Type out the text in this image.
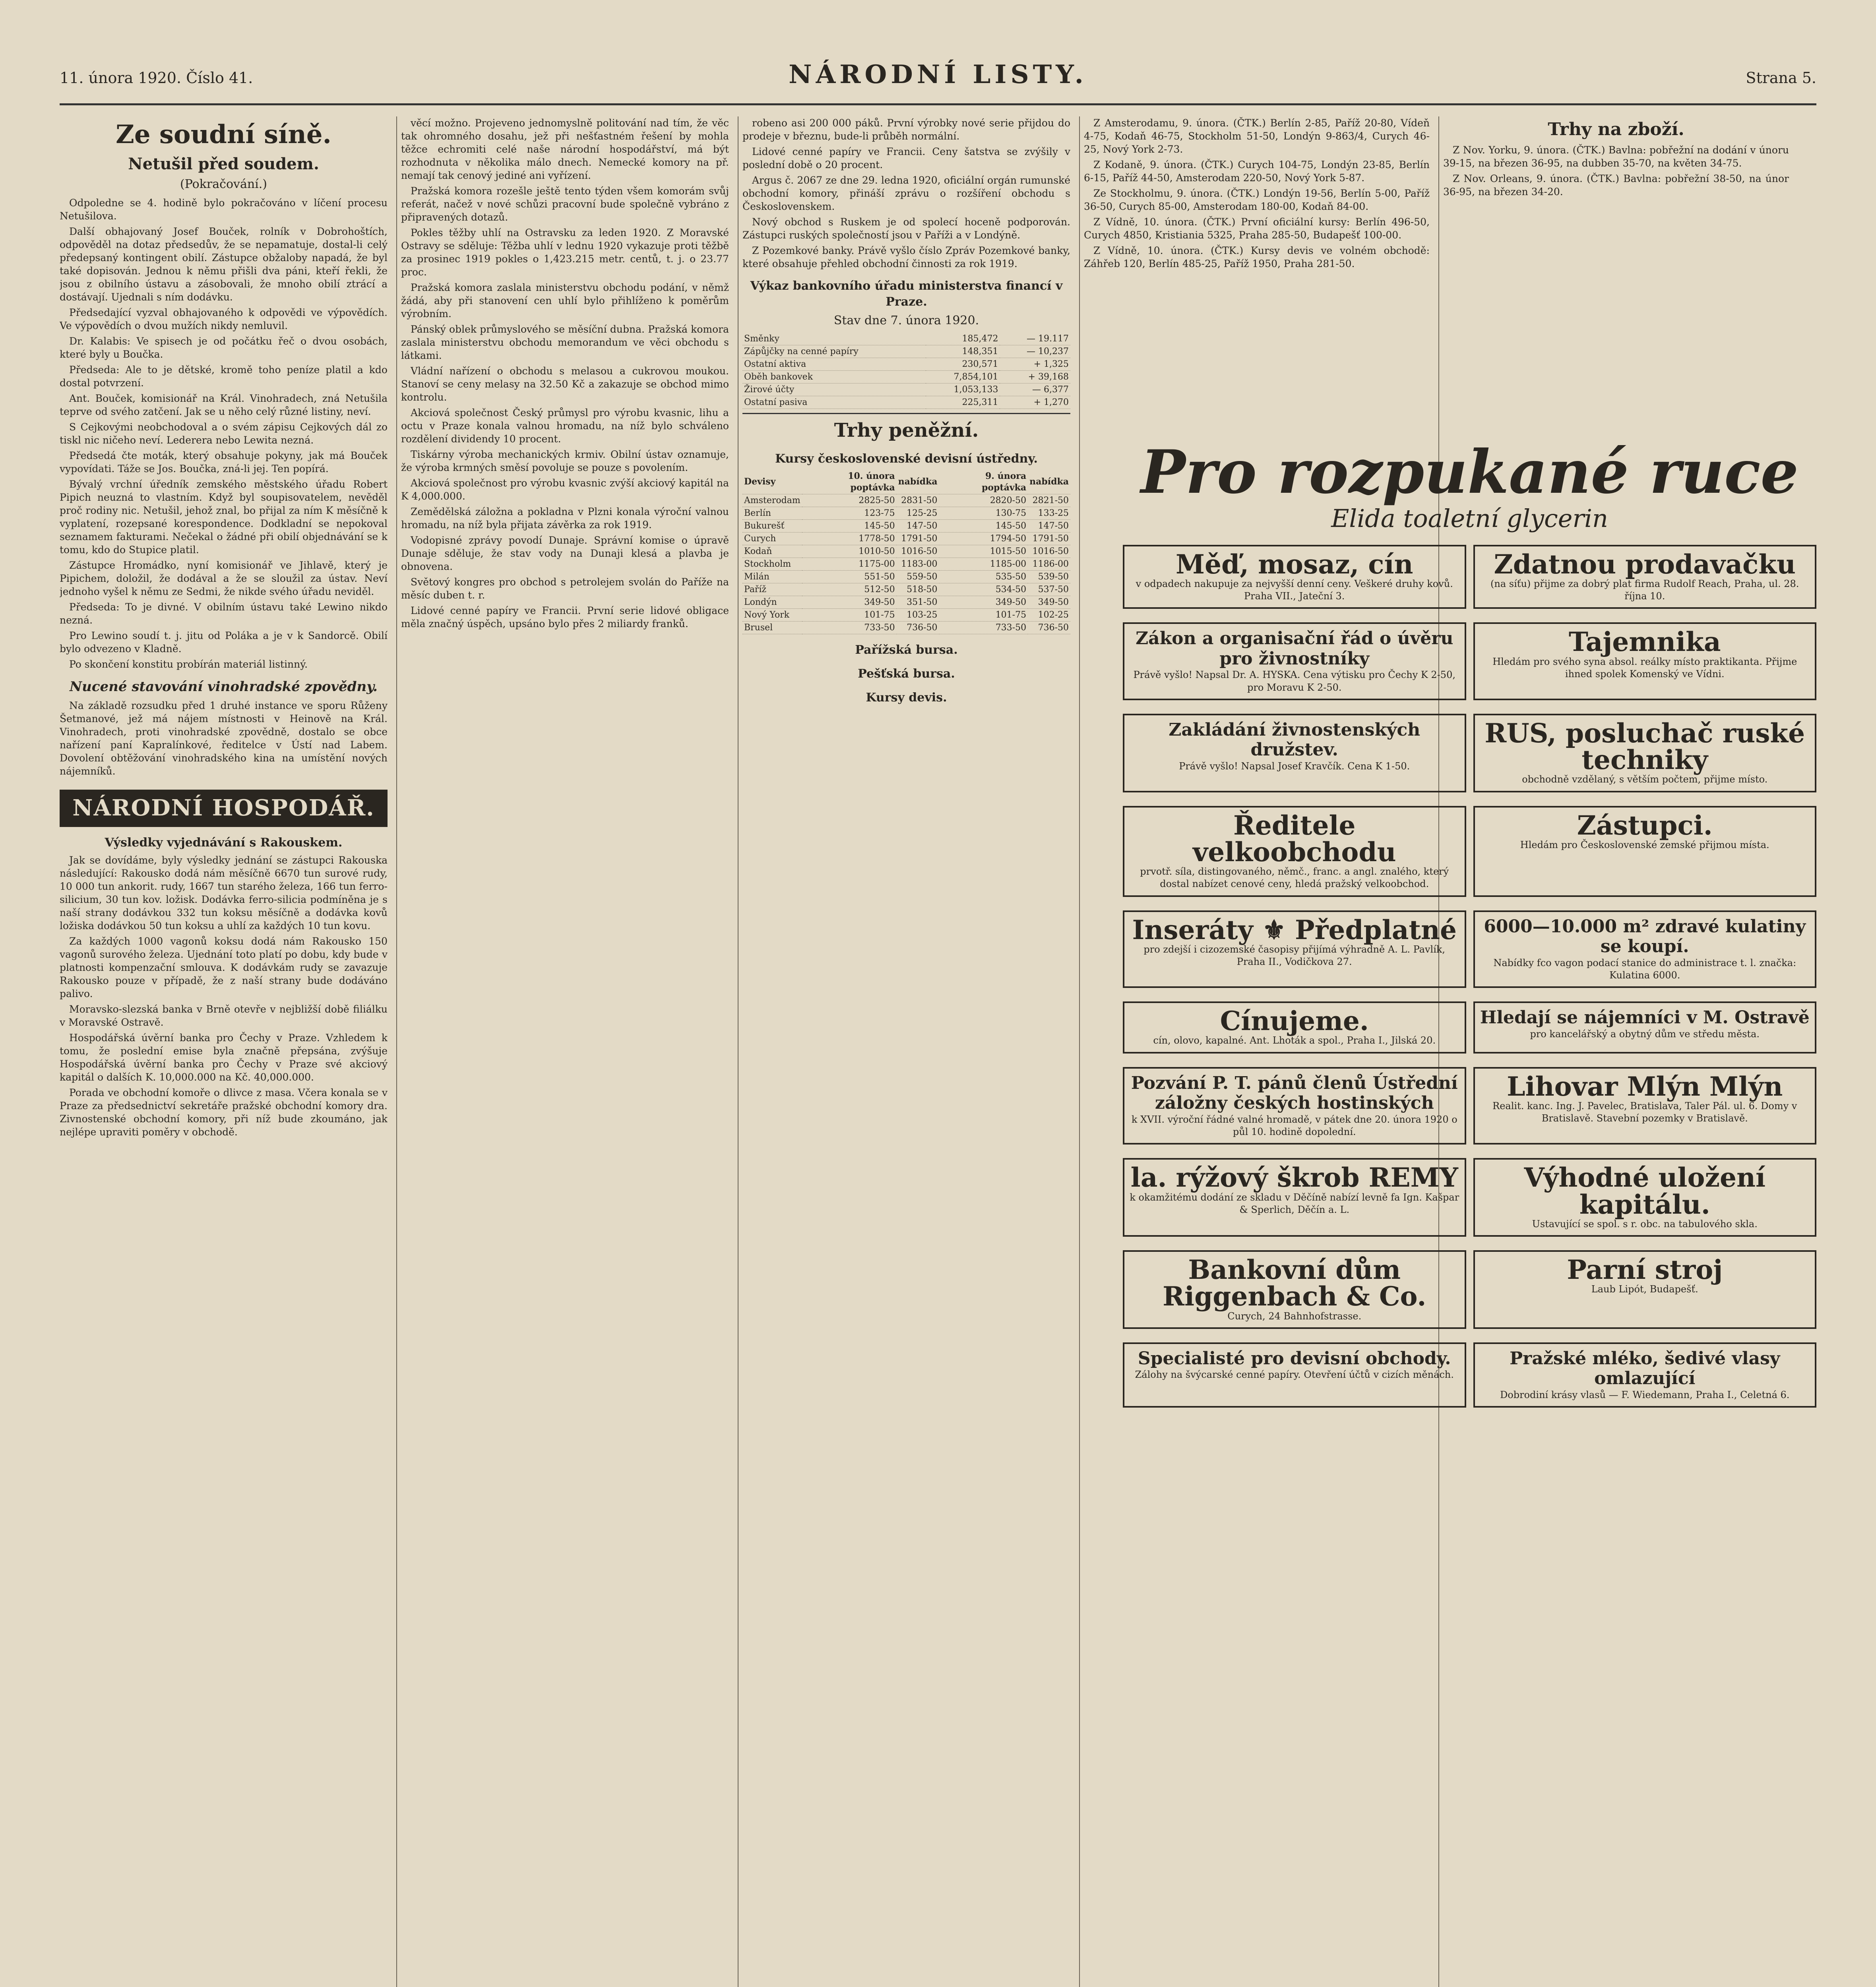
11. února 1920. Číslo 41.	NÁRODNÍ LISTY.	Strana 5.
Ze soudní síně.
Netušil před soudem.
(Pokračování.)

Odpoledne se 4. hodině bylo pokračováno v líčení procesu Netušilova.

Další obhajovaný Josef Bouček, rolník v Dobrohoštích, odpověděl na dotaz předsedův, že se nepamatuje, dostal-li celý předepsaný kontingent obilí. Zástupce obžaloby napadá, že byl také dopisován. Jednou k němu přišli dva páni, kteří řekli, že jsou z obilního ústavu a zásobovali, že mnoho obilí ztrácí a dostávají. Ujednali s ním dodávku.

Předsedající vyzval obhajovaného k odpovědi ve výpovědích. Ve výpovědích o dvou mužích nikdy nemluvil.

Dr. Kalabis: Ve spisech je od počátku řeč o dvou osobách, které byly u Boučka.

Předseda: Ale to je dětské, kromě toho peníze platil a kdo dostal potvrzení.

Ant. Bouček, komisionář na Král. Vinohradech, zná Netušila teprve od svého zatčení. Jak se u něho celý různé listiny, neví.

S Cejkovými neobchodoval a o svém zápisu Cejkových dál zo tiskl nic ničeho neví. Lederera nebo Lewita nezná.

Předsedá čte moták, který obsahuje pokyny, jak má Bouček vypovídati. Táže se Jos. Boučka, zná-li jej. Ten popírá.

Bývalý vrchní úředník zemského městského úřadu Robert Pipich neuzná to vlastním. Když byl soupisovatelem, nevěděl proč rodiny nic. Netušil, jehož znal, bo přijal za ním K měsíčně k vyplatení, rozepsané korespondence. Dodkladní se nepokoval seznamem fakturami. Nečekal o žádné při obilí objednávání se k tomu, kdo do Stupice platil.

Zástupce Hromádko, nyní komisionář ve Jihlavě, který je Pipichem, doložil, že dodával a že se sloužil za ústav. Neví jednoho vyšel k němu ze Sedmi, že nikde svého úřadu neviděl.

Předseda: To je divné. V obilním ústavu také Lewino nikdo nezná.

Pro Lewino soudí t. j. jitu od Poláka a je v k Sandorcě. Obilí bylo odvezeno v Kladně.

Po skončení konstitu probírán materiál listinný.

Nucené stavování vinohradské zpovědny.

Na základě rozsudku před 1 druhé instance ve sporu Růženy Šetmanové, jež má nájem místnosti v Heinově na Král. Vinohradech, proti vinohradské zpovědně, dostalo se obce nařízení paní Kapralínkové, ředitelce v Ústí nad Labem. Dovolení obtěžování vinohradského kina na umístění nových nájemníků.

NÁRODNÍ HOSPODÁŘ.
Výsledky vyjednávání s Rakouskem.

Jak se dovídáme, byly výsledky jednání se zástupci Rakouska následující: Rakousko dodá nám měsíčně 6670 tun surové rudy, 10 000 tun ankorit. rudy, 1667 tun starého železa, 166 tun ferro-silicium, 30 tun kov. ložisk. Dodávka ferro-silicia podmíněna je s naší strany dodávkou 332 tun koksu měsíčně a dodávka kovů ložiska dodávkou 50 tun koksu a uhlí za každých 10 tun kovu.

Za každých 1000 vagonů koksu dodá nám Rakousko 150 vagonů surového železa. Ujednání toto platí po dobu, kdy bude v platnosti kompenzační smlouva. K dodávkám rudy se zavazuje Rakousko pouze v případě, že z naší strany bude dodáváno palivo.

Moravsko-slezská banka v Brně otevře v nejbližší době filiálku v Moravské Ostravě.

Hospodářská úvěrní banka pro Čechy v Praze. Vzhledem k tomu, že poslední emise byla značně přepsána, zvýšuje Hospodářská úvěrní banka pro Čechy v Praze své akciový kapitál o dalších K. 10,000.000 na Kč. 40,000.000.

Porada ve obchodní komoře o dlivce z masa. Včera konala se v Praze za předsednictví sekretáře pražské obchodní komory dra. Zivnostenské obchodní komory, při níž bude zkoumáno, jak nejlépe upraviti poměry v obchodě.

věcí možno. Projeveno jednomyslně politování nad tím, že věc tak ohromného dosahu, jež při nešťastném řešení by mohla těžce echromiti celé naše národní hospodářství, má být rozhodnuta v několika málo dnech. Nemecké komory na př. nemají tak cenový jediné ani vyřízení.

Pražská komora rozešle ještě tento týden všem komorám svůj referát, načež v nové schůzi pracovní bude společně vybráno z připravených dotazů.

Pokles těžby uhlí na Ostravsku za leden 1920. Z Moravské Ostravy se sděluje: Těžba uhlí v lednu 1920 vykazuje proti těžbě za prosinec 1919 pokles o 1,423.215 metr. centů, t. j. o 23.77 proc.

Pražská komora zaslala ministerstvu obchodu podání, v němž žádá, aby při stanovení cen uhlí bylo přihlíženo k poměrům výrobním.

Pánský oblek průmyslového se měsíční dubna. Pražská komora zaslala ministerstvu obchodu memorandum ve věci obchodu s látkami.

Vládní nařízení o obchodu s melasou a cukrovou moukou. Stanoví se ceny melasy na 32.50 Kč a zakazuje se obchod mimo kontrolu.

Akciová společnost Český průmysl pro výrobu kvasnic, lihu a octu v Praze konala valnou hromadu, na níž bylo schváleno rozdělení dividendy 10 procent.

Tiskárny výroba mechanických krmiv. Obilní ústav oznamuje, že výroba krmných směsí povoluje se pouze s povolením.

Akciová společnost pro výrobu kvasnic zvýší akciový kapitál na K 4,000.000.

Zemědělská záložna a pokladna v Plzni konala výroční valnou hromadu, na níž byla přijata závěrka za rok 1919.

Vodopisné zprávy povodí Dunaje. Správní komise o úpravě Dunaje sděluje, že stav vody na Dunaji klesá a plavba je obnovena.

Světový kongres pro obchod s petrolejem svolán do Paříže na měsíc duben t. r.

Lidové cenné papíry ve Francii. První serie lidové obligace měla značný úspěch, upsáno bylo přes 2 miliardy franků.

robeno asi 200 000 páků. První výrobky nové serie přijdou do prodeje v březnu, bude-li průběh normální.

Lidové cenné papíry ve Francii. Ceny šatstva se zvýšily v poslední době o 20 procent.

Argus č. 2067 ze dne 29. ledna 1920, oficiální orgán rumunské obchodní komory, přináší zprávu o rozšíření obchodu s Československem.

Nový obchod s Ruskem je od spolecí hoceně podporován. Zástupci ruských společností jsou v Paříži a v Londýně.

Z Pozemkové banky. Právě vyšlo číslo Zpráv Pozemkové banky, které obsahuje přehled obchodní činnosti za rok 1919.

Výkaz bankovního úřadu ministerstva financí v Praze.
Stav dne 7. února 1920.
Směnky	185,472	— 19.117
Zápůjčky na cenné papíry	148,351	— 10,237
Ostatní aktiva	230,571	+ 1,325
Oběh bankovek	7,854,101	+ 39,168
Žirové účty	1,053,133	— 6,377
Ostatní pasiva	225,311	+ 1,270
Trhy peněžní.
Kursy československé devisní ústředny.
Devisy	10. února poptávka	nabídka	9. února poptávka	nabídka
Amsterodam	2825-50	2831-50	2820-50	2821-50
Berlín	123-75	125-25	130-75	133-25
Bukurešť	145-50	147-50	145-50	147-50
Curych	1778-50	1791-50	1794-50	1791-50
Kodaň	1010-50	1016-50	1015-50	1016-50
Stockholm	1175-00	1183-00	1185-00	1186-00
Milán	551-50	559-50	535-50	539-50
Paříž	512-50	518-50	534-50	537-50
Londýn	349-50	351-50	349-50	349-50
Nový York	101-75	103-25	101-75	102-25
Brusel	733-50	736-50	733-50	736-50
Pařížská bursa.
Pešťská bursa.
Kursy devis.

Z Amsterodamu, 9. února. (ČTK.) Berlín 2-85, Paříž 20-80, Vídeň 4-75, Kodaň 46-75, Stockholm 51-50, Londýn 9-863/4, Curych 46-25, Nový York 2-73.

Z Kodaně, 9. února. (ČTK.) Curych 104-75, Londýn 23-85, Berlín 6-15, Paříž 44-50, Amsterodam 220-50, Nový York 5-87.

Ze Stockholmu, 9. února. (ČTK.) Londýn 19-56, Berlín 5-00, Paříž 36-50, Curych 85-00, Amsterodam 180-00, Kodaň 84-00.

Z Vídně, 10. února. (ČTK.) První oficiální kursy: Berlín 496-50, Curych 4850, Kristiania 5325, Praha 285-50, Budapešť 100-00.

Z Vídně, 10. února. (ČTK.) Kursy devis ve volném obchodě: Záhřeb 120, Berlín 485-25, Paříž 1950, Praha 281-50.

Trhy na zboží.

Z Nov. Yorku, 9. února. (ČTK.) Bavlna: pobřežní na dodání v únoru 39-15, na březen 36-95, na dubben 35-70, na květen 34-75.

Z Nov. Orleans, 9. února. (ČTK.) Bavlna: pobřežní 38-50, na únor 36-95, na březen 34-20.

Pro rozpukané ruce
Elida toaletní glycerin
Měď, mosaz, cín
v odpadech nakupuje za nejvyšší denní ceny. Veškeré druhy kovů. Praha VII., Jateční 3.
Zdatnou prodavačku
(na síťu) přijme za dobrý plat firma Rudolf Reach, Praha, ul. 28. října 10.
Zákon a organisační řád o úvěru pro živnostníky
Právě vyšlo! Napsal Dr. A. HYSKA. Cena výtisku pro Čechy K 2-50, pro Moravu K 2-50.
Tajemnika
Hledám pro svého syna absol. reálky místo praktikanta. Přijme ihned spolek Komenský ve Vídni.
Zakládání živnostenských družstev.
Právě vyšlo! Napsal Josef Kravčík. Cena K 1-50.
RUS, posluchač ruské techniky
obchodně vzdělaný, s větším počtem, přijme místo.
Ředitele velkoobchodu
prvotř. síla, distingovaného, němč., franc. a angl. znalého, který dostal nabízet cenové ceny, hledá pražský velkoobchod.
Zástupci.
Hledám pro Československé zemské přijmou místa.
Inseráty ⚜ Předplatné
pro zdejší i cizozemské časopisy přijímá výhradně A. L. Pavlík, Praha II., Vodičkova 27.
6000—10.000 m² zdravé kulatiny se koupí.
Nabídky fco vagon podací stanice do administrace t. l. značka: Kulatina 6000.
Cínujeme.
cín, olovo, kapalné. Ant. Lhoták a spol., Praha I., Jilská 20.
Hledají se nájemníci v M. Ostravě
pro kancelářský a obytný dům ve středu města.
Pozvání P. T. pánů členů Ústřední záložny českých hostinských
k XVII. výroční řádné valné hromadě, v pátek dne 20. února 1920 o půl 10. hodině dopolední.
Lihovar Mlýn Mlýn
Realit. kanc. Ing. J. Pavelec, Bratislava, Taler Pál. ul. 6. Domy v Bratislavě. Stavební pozemky v Bratislavě.
la. rýžový škrob REMY
k okamžitému dodání ze skladu v Děčíně nabízí levně fa Ign. Kašpar & Sperlich, Děčín a. L.
Výhodné uložení kapitálu.
Ustavující se spol. s r. obc. na tabulového skla.
Bankovní dům Riggenbach & Co.
Curych, 24 Bahnhofstrasse.
Parní stroj
Laub Lipót, Budapešť.
Specialisté pro devisní obchody.
Zálohy na švýcarské cenné papíry. Otevření účtů v cizích měnách.
Pražské mléko, šedivé vlasy omlazující
Dobrodiní krásy vlasů — F. Wiedemann, Praha I., Celetná 6.
